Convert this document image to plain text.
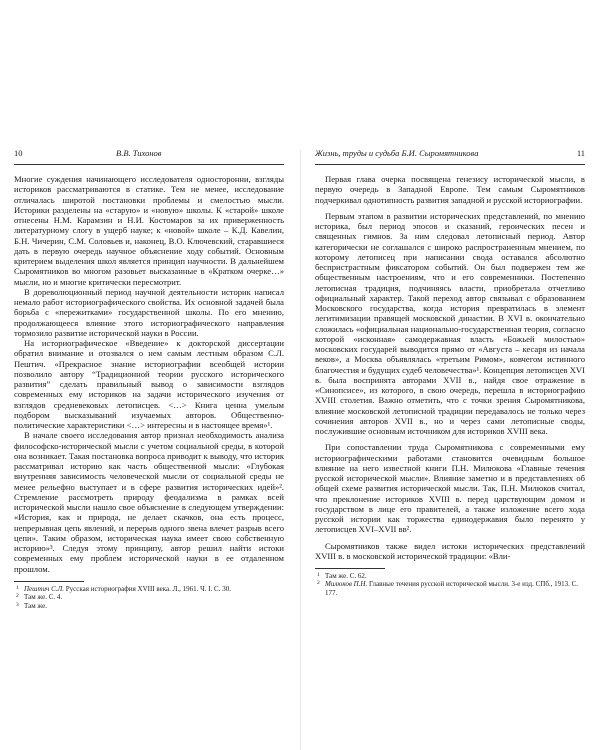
10	В.В. Тихонов

Многие суждения начинающего исследователя односторонни, взгляды историков рассматриваются в статике. Тем не менее, исследование отличалась широтой постановки проблемы и смелостью мысли. Историки разделены на «старую» и «новую» школы. К «старой» школе отнесены Н.М. Карамзин и Н.И. Костомаров за их приверженность литературному слогу в ущерб науке; к «новой» школе – К.Д. Кавелин, Б.Н. Чичерин, С.М. Соловьев и, наконец, В.О. Ключевский, старавшиеся дать в первую очередь научное объяснение ходу событий. Основным критерием выделения школ является принцип научности. В дальнейшем Сыромятников во многом разовьет высказанные в «Кратком очерке…» мысли, но и многие критически пересмотрит.

В дореволюционный период научной деятельности историк написал немало работ историографического свойства. Их основной задачей была борьба с «пережитками» государственной школы. По его мнению, продолжающееся влияние этого историографического направления тормозило развитие исторической науки в России.

На историографическое «Введение» к докторской диссертации обратил внимание и отозвался о нем самым лестным образом С.Л. Пештич. «Прекрасное знание историографии всеобщей истории позволило автору “Традиционной теории русского исторического развития” сделать правильный вывод о зависимости взглядов современных ему историков на задачи исторического изучения от взглядов средневековых летописцев. <…> Книга ценна умелым подбором высказываний изучаемых авторов. Общественно-политические характеристики <…> интересны и в настоящее время»¹.

В начале своего исследования автор признал необходимость анализа философско-исторической мысли с учетом социальной среды, в которой она возникает. Такая постановка вопроса приводит к выводу, что историк рассматривал историю как часть общественной мысли: «Глубокая внутренняя зависимость человеческой мысли от социальной среды не менее рельефно выступает и в сфере развития исторических идей»². Стремление рассмотреть природу феодализма в рамках всей исторической мысли нашло свое объяснение в следующем утверждении: «История, как и природа, не делает скачков, она есть процесс, непрерывная цепь явлений, и перерыв одного звена влечет разрыв всего цепи». Таким образом, историческая наука имеет свою собственную историю»³. Следуя этому принципу, автор решил найти истоки современных ему проблем исторической науки в ее отдаленном прошлом.

1 Пештич С.Л. Русская историография XVIII века. Л., 1961. Ч. I. С. 30.
2 Там же. С. 4.
3 Там же.
Жизнь, труды и судьба Б.И. Сыромятникова	11

Первая глава очерка посвящена генезису исторической мысли, в первую очередь в Западной Европе. Тем самым Сыромятников подчеркивал однотипность развития западной и русской историографии.

Первым этапом в развитии исторических представлений, по мнению историка, был период эпосов и сказаний, героических песен и священных гимнов. За ним следовал летописный период. Автор категорически не соглашался с широко распространенным мнением, по которому летописец при написании свода оставался абсолютно беспристрастным фиксатором событий. Он был подвержен тем же общественным настроениям, что и его современники. Постепенно летописная традиция, подчиняясь власти, приобретала отчетливо официальный характер. Такой переход автор связывал с образованием Московского государства, когда история превратилась в элемент легитимизации правящей московской династии. В XVI в. окончательно сложилась «официальная национально-государственная теория, согласно которой «исконная» самодержавная власть «Божьей милостью» московских государей выводится прямо от «Августа – кесаря из начала веков», а Москва объявлялась «третьим Римом», ковчегом истинного благочестия и будущих судеб человечества»¹. Концепция летописцев XVI в. была воспринята авторами XVII в., найдя свое отражение в «Синопсисе», из которого, в свою очередь, перешла в историографию XVIII столетия. Важно отметить, что с точки зрения Сыромятникова, влияние московской летописной традиции передавалось не только через сочинения авторов XVII в., но и через сами летописные своды, послужившие основным источником для историков XVIII века.

При сопоставлении труда Сыромятникова с современными ему историографическими работами становится очевидным большое влияние на него известной книги П.Н. Милюкова «Главные течения русской исторической мысли». Влияние заметно и в представлениях об общей схеме развития исторической мысли. Так, П.Н. Милюков считал, что преклонение историков XVIII в. перед царствующим домом и государством в лице его правителей, а также изложение всего хода русской истории как торжества единодержавия было перенято у летописцев XVI–XVII вв².

Сыромятников также видел истоки исторических представлений XVIII в. в московской исторической традиции: «Вли-

1 Там же. С. 62.
2 Милюков П.Н. Главные течения русской исторической мысли. 3-е изд. СПб., 1913. С. 177.
